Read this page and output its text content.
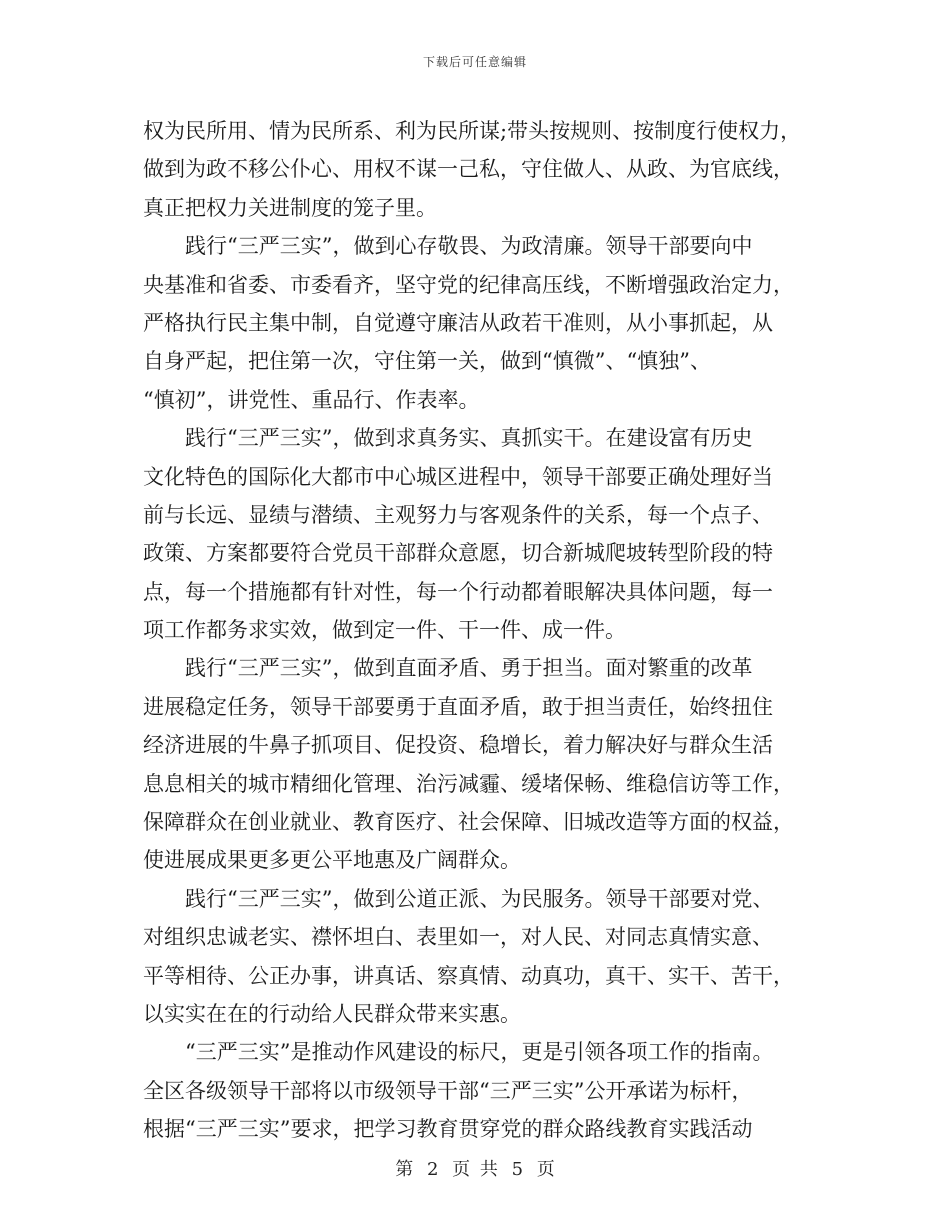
下载后可任意编辑
权为民所用、情为民所系、利为民所谋;带头按规则、按制度行使权力，
做到为政不移公仆心、用权不谋一己私，守住做人、从政、为官底线，
真正把权力关进制度的笼子里。
　　践行“三严三实”，做到心存敬畏、为政清廉。领导干部要向中
央基准和省委、市委看齐，坚守党的纪律高压线，不断增强政治定力，
严格执行民主集中制，自觉遵守廉洁从政若干准则，从小事抓起，从
自身严起，把住第一次，守住第一关，做到“慎微”、“慎独”、
“慎初”，讲党性、重品行、作表率。
　　践行“三严三实”，做到求真务实、真抓实干。在建设富有历史
文化特色的国际化大都市中心城区进程中，领导干部要正确处理好当
前与长远、显绩与潜绩、主观努力与客观条件的关系，每一个点子、
政策、方案都要符合党员干部群众意愿，切合新城爬坡转型阶段的特
点，每一个措施都有针对性，每一个行动都着眼解决具体问题，每一
项工作都务求实效，做到定一件、干一件、成一件。
　　践行“三严三实”，做到直面矛盾、勇于担当。面对繁重的改革
进展稳定任务，领导干部要勇于直面矛盾，敢于担当责任，始终扭住
经济进展的牛鼻子抓项目、促投资、稳增长，着力解决好与群众生活
息息相关的城市精细化管理、治污减霾、缓堵保畅、维稳信访等工作，
保障群众在创业就业、教育医疗、社会保障、旧城改造等方面的权益，
使进展成果更多更公平地惠及广阔群众。
　　践行“三严三实”，做到公道正派、为民服务。领导干部要对党、
对组织忠诚老实、襟怀坦白、表里如一，对人民、对同志真情实意、
平等相待、公正办事，讲真话、察真情、动真功，真干、实干、苦干，
以实实在在的行动给人民群众带来实惠。
　　“三严三实”是推动作风建设的标尺，更是引领各项工作的指南。
全区各级领导干部将以市级领导干部“三严三实”公开承诺为标杆，
根据“三严三实”要求，把学习教育贯穿党的群众路线教育实践活动
第 2 页 共 5 页
